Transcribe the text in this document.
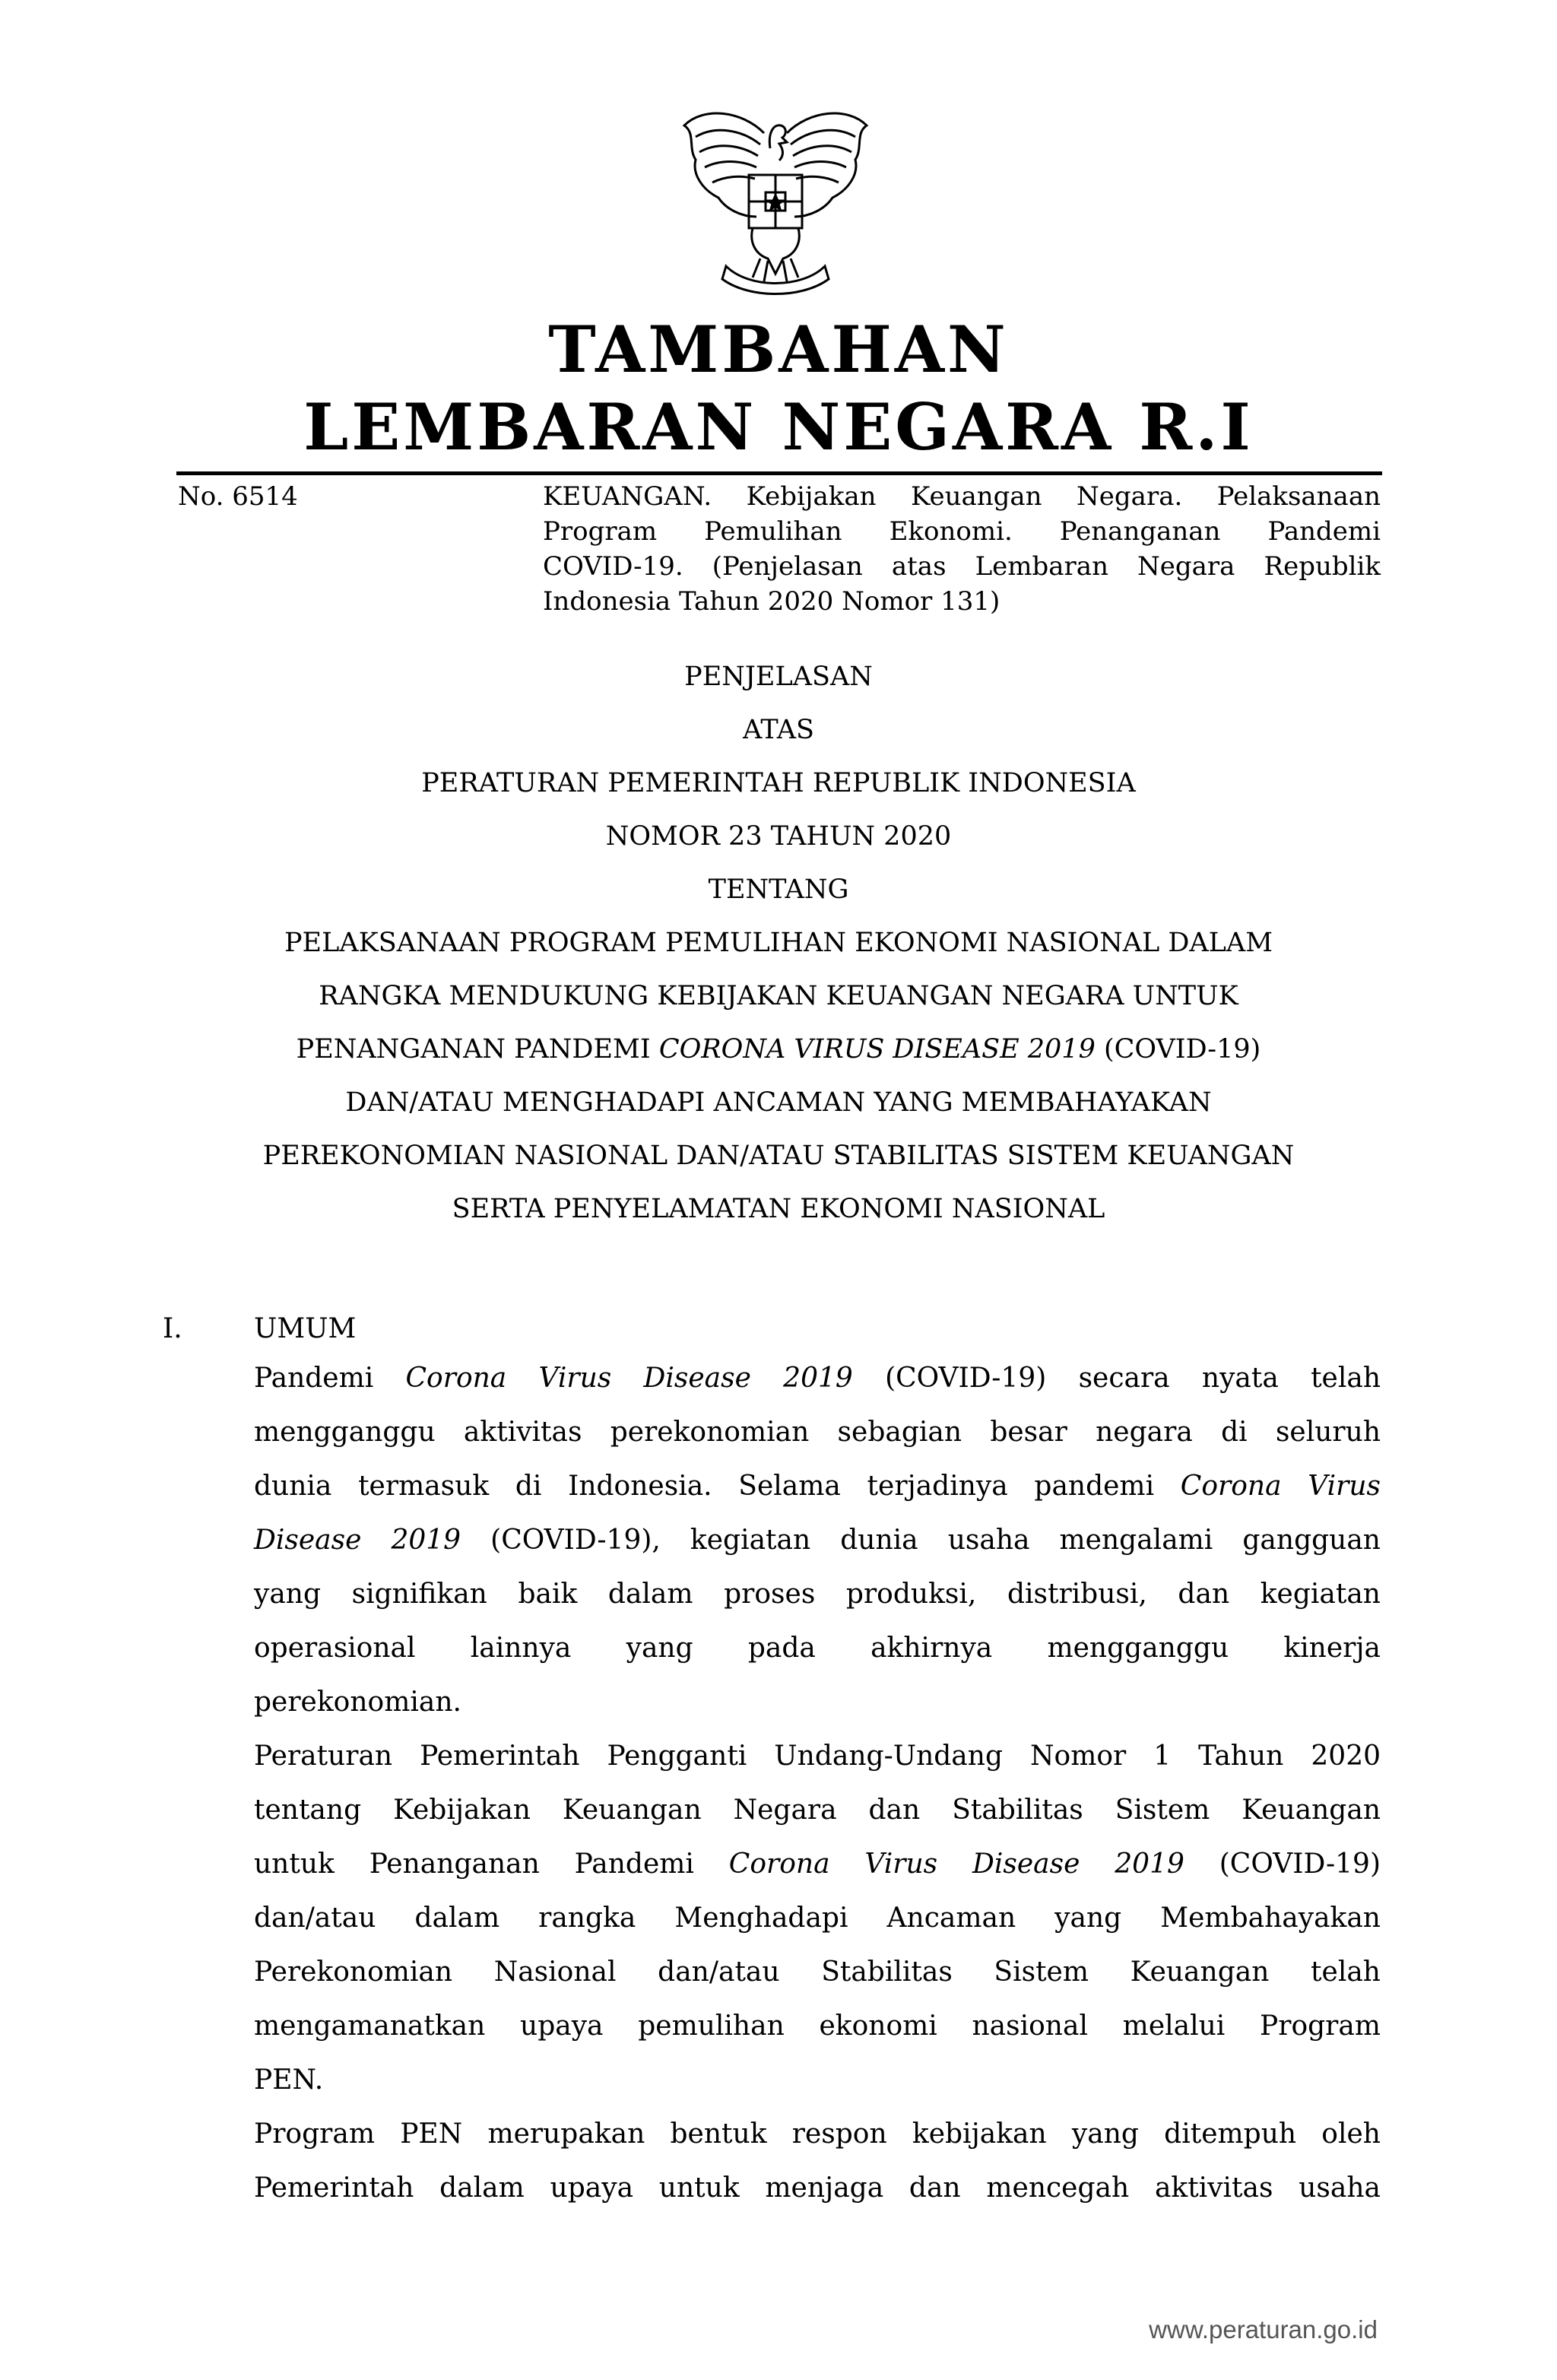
TAMBAHAN
LEMBARAN NEGARA R.I
No. 6514	KEUANGAN. Kebijakan Keuangan Negara. Pelaksanaan
Program Pemulihan Ekonomi. Penanganan Pandemi
COVID-19. (Penjelasan atas Lembaran Negara Republik
Indonesia Tahun 2020 Nomor 131)
PENJELASAN
ATAS
PERATURAN PEMERINTAH REPUBLIK INDONESIA
NOMOR 23 TAHUN 2020
TENTANG
PELAKSANAAN PROGRAM PEMULIHAN EKONOMI NASIONAL DALAM
RANGKA MENDUKUNG KEBIJAKAN KEUANGAN NEGARA UNTUK
PENANGANAN PANDEMI CORONA VIRUS DISEASE 2019 (COVID-19)
DAN/ATAU MENGHADAPI ANCAMAN YANG MEMBAHAYAKAN
PEREKONOMIAN NASIONAL DAN/ATAU STABILITAS SISTEM KEUANGAN
SERTA PENYELAMATAN EKONOMI NASIONAL
I.	UMUM
Pandemi Corona Virus Disease 2019 (COVID-19) secara nyata telah
mengganggu aktivitas perekonomian sebagian besar negara di seluruh
dunia termasuk di Indonesia. Selama terjadinya pandemi Corona Virus
Disease 2019 (COVID-19), kegiatan dunia usaha mengalami gangguan
yang signifikan baik dalam proses produksi, distribusi, dan kegiatan
operasional lainnya yang pada akhirnya mengganggu kinerja
perekonomian.
Peraturan Pemerintah Pengganti Undang-Undang Nomor 1 Tahun 2020
tentang Kebijakan Keuangan Negara dan Stabilitas Sistem Keuangan
untuk Penanganan Pandemi Corona Virus Disease 2019 (COVID-19)
dan/atau dalam rangka Menghadapi Ancaman yang Membahayakan
Perekonomian Nasional dan/atau Stabilitas Sistem Keuangan telah
mengamanatkan upaya pemulihan ekonomi nasional melalui Program
PEN.
Program PEN merupakan bentuk respon kebijakan yang ditempuh oleh
Pemerintah dalam upaya untuk menjaga dan mencegah aktivitas usaha
www.peraturan.go.id
